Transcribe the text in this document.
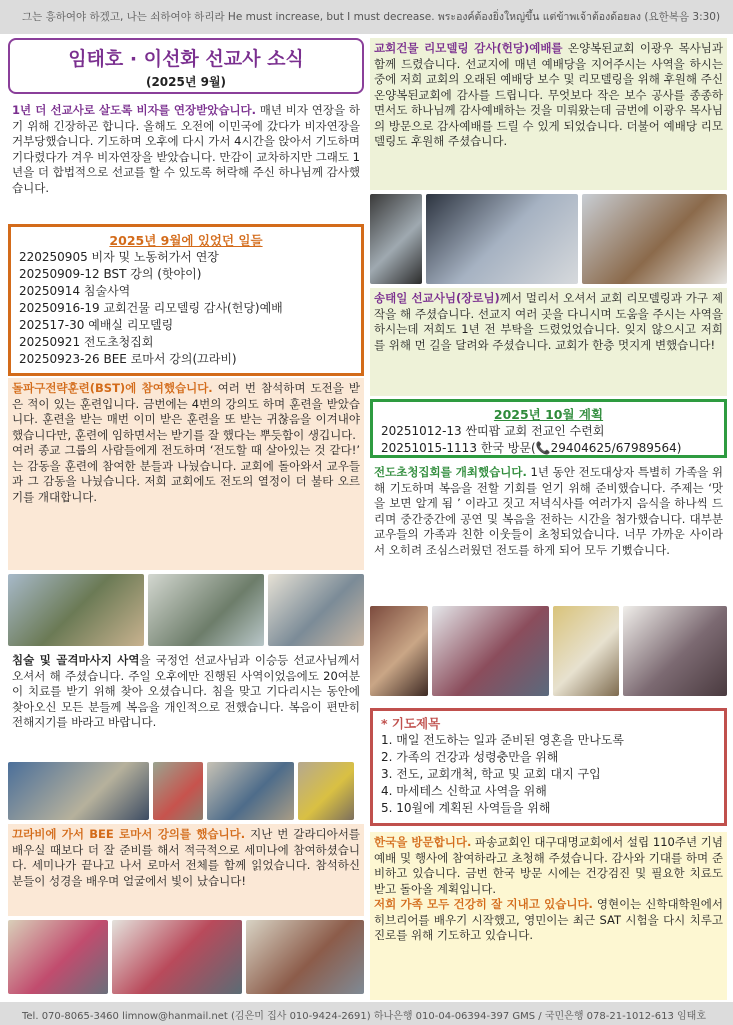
그는 흥하여야 하겠고, 나는 쇠하여야 하리라 He must increase, but I must decrease. พระองค์ต้องยิ่งใหญ่ขึ้น แต่ข้าพเจ้าต้องด้อยลง (요한복음 3:30)
임태호 · 이선화 선교사 소식
(2025년 9월)
1년 더 선교사로 살도록 비자를 연장받았습니다. 매년 비자 연장을 하기 위해 긴장하곤 합니다. 올해도 오전에 이민국에 갔다가 비자연장을 거부당했습니다. 기도하며 오후에 다시 가서 4시간을 앉아서 기도하며 기다렸다가 겨우 비자연장을 받았습니다. 만감이 교차하지만 그래도 1년을 더 합법적으로 선교를 할 수 있도록 허락해 주신 하나님께 감사했습니다.
2025년 9월에 있었던 일들
220250905 비자 및 노동허가서 연장
20250909-12 BST 강의 (핫야이)
20250914 침술사역
20250916-19 교회건물 리모델링 감사(헌당)예배
202517-30 예배실 리모델링
20250921 전도초청집회
20250923-26 BEE 로마서 강의(끄라비)
돌파구전략훈련(BST)에 참여했습니다. 여러 번 참석하며 도전을 받은 적이 있는 훈련입니다. 금번에는 4번의 강의도 하며 훈련을 받았습니다. 훈련을 받는 매번 이미 받은 훈련을 또 받는 귀찮음을 이겨내야 했습니다만, 훈련에 임하면서는 받기를 잘 했다는 뿌듯함이 생깁니다.
여러 종교 그룹의 사람들에게 전도하며 ‘전도할 때 살아있는 것 같다!’ 는 감동을 훈련에 참여한 분들과 나눴습니다. 교회에 돌아와서 교우들과 그 감동을 나눴습니다. 저희 교회에도 전도의 열정이 더 불타 오르기를 개대합니다.
침술 및 골격마사지 사역을 국정언 선교사님과 이승등 선교사님께서 오셔서 해 주셨습니다. 주일 오후에만 진행된 사역이었음에도 20여분이 치료를 받기 위해 찾아 오셨습니다. 침을 맞고 기다리시는 동안에 찾아오신 모든 분들께 복음을 개인적으로 전했습니다. 복음이 편만히 전해지기를 바라고 바랍니다.
끄라비에 가서 BEE 로마서 강의를 했습니다. 지난 번 갈라디아서를 배우실 때보다 더 잘 준비를 해서 적극적으로 세미나에 참여하셨습니다. 세미나가 끝나고 나서 로마서 전체를 함께 읽었습니다. 참석하신 분들이 성경을 배우며 얼굴에서 빛이 났습니다!
교회건물 리모델링 감사(헌당)예배를 온양복된교회 이광우 목사님과 함께 드렸습니다. 선교지에 매년 예배당을 지어주시는 사역을 하시는 중에 저희 교회의 오래된 예배당 보수 및 리모델링을 위해 후원해 주신 온양복된교회에 감사를 드립니다. 무엇보다 작은 보수 공사를 종종하면서도 하나님께 감사예배하는 것을 미뤄왔는데 금번에 이광우 목사님의 방문으로 감사예배를 드릴 수 있게 되었습니다. 더불어 예배당 리모델링도 후원해 주셨습니다.
송태일 선교사님(장로님)께서 멀리서 오셔서 교회 리모델링과 가구 제작을 해 주셨습니다. 선교지 여러 곳을 다니시며 도움을 주시는 사역을 하시는데 저희도 1년 전 부탁을 드렸었었습니다. 잊지 않으시고 저희를 위해 먼 길을 달려와 주셨습니다. 교회가 한층 멋지게 변했습니다!
2025년 10월 계획
20251012-13 싼띠팝 교회 전교인 수련회
20251015-1113 한국 방문(📞29404625/67989564)
전도초청집회를 개최했습니다. 1년 동안 전도대상자 특별히 가족을 위해 기도하며 복음을 전할 기회를 얻기 위해 준비했습니다. 주제는 ‘맛을 보면 알게 됨 ’ 이라고 짓고 저녁식사를 여러가지 음식을 하나씩 드리며 중간중간에 공연 및 복음을 전하는 시간을 첨가했습니다. 대부분 교우들의 가족과 친한 이웃들이 초청되었습니다. 너무 가까운 사이라서 오히려 조심스러웠던 전도를 하게 되어 모두 기뻤습니다.
* 기도제목
1. 매일 전도하는 일과 준비된 영혼을 만나도록
2. 가족의 건강과 성령충만을 위해
3. 전도, 교회개척, 학교 및 교회 대지 구입
4. 마세테스 신학교 사역을 위해
5. 10월에 계획된 사역들을 위해
한국을 방문합니다. 파송교회인 대구대명교회에서 설립 110주년 기념 예배 및 행사에 참여하라고 초청해 주셨습니다. 감사와 기대를 하며 준비하고 있습니다. 금번 한국 방문 시에는 건강검진 및 필요한 치료도 받고 돌아올 계획입니다.
저희 가족 모두 건강히 잘 지내고 있습니다. 영현이는 신학대학원에서 히브리어를 배우기 시작했고, 영민이는 최근 SAT 시험을 다시 치루고 진로를 위해 기도하고 있습니다.
Tel. 070-8065-3460 limnow@hanmail.net (김은미 집사 010-9424-2691) 하나은행 010-04-06394-397 GMS / 국민은행 078-21-1012-613 임태호
